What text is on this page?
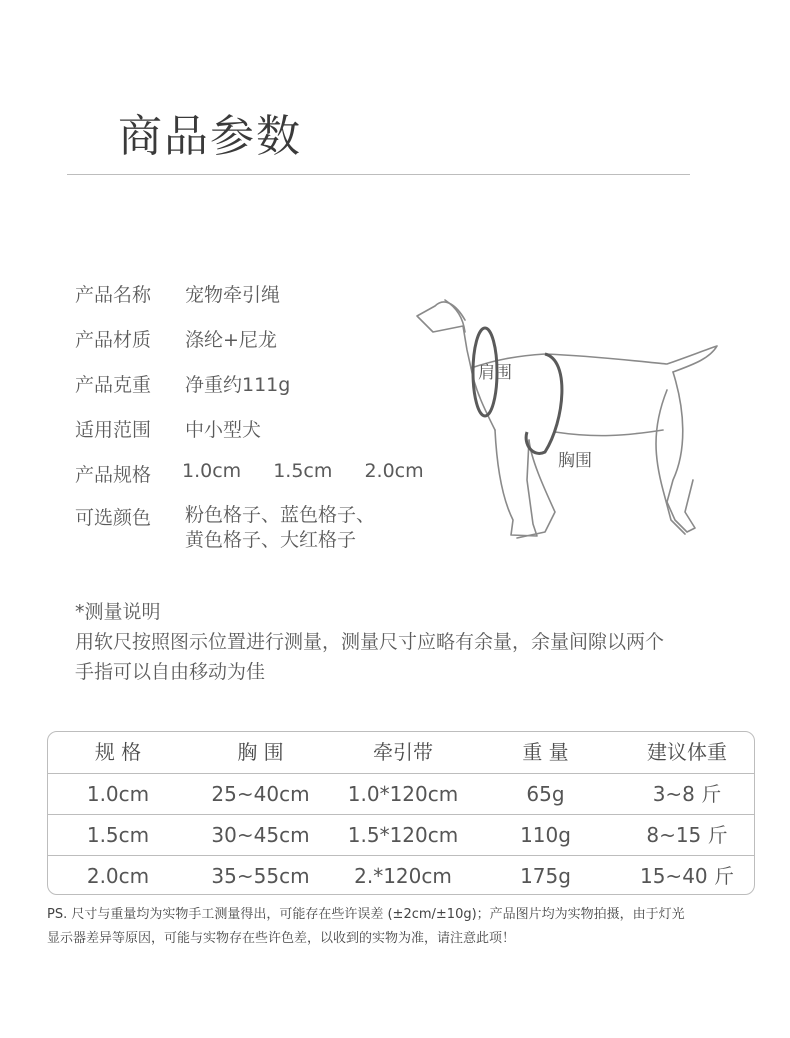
商品参数
产品名称	宠物牵引绳
产品材质	涤纶+尼龙
产品克重	净重约111g
适用范围	中小型犬
产品规格	1.0cm 1.5cm 2.0cm
可选颜色	粉色格子、蓝色格子、
黄色格子、大红格子
肩围
胸围
*测量说明
用软尺按照图示位置进行测量，测量尺寸应略有余量，余量间隙以两个
手指可以自由移动为佳
规 格	胸 围	牵引带	重 量	建议体重
1.0cm	25~40cm	1.0*120cm	65g	3~8 斤
1.5cm	30~45cm	1.5*120cm	110g	8~15 斤
2.0cm	35~55cm	2.*120cm	175g	15~40 斤
PS. 尺寸与重量均为实物手工测量得出，可能存在些许误差 (±2cm/±10g)；产品图片均为实物拍摄，由于灯光
显示器差异等原因，可能与实物存在些许色差，以收到的实物为准，请注意此项！
